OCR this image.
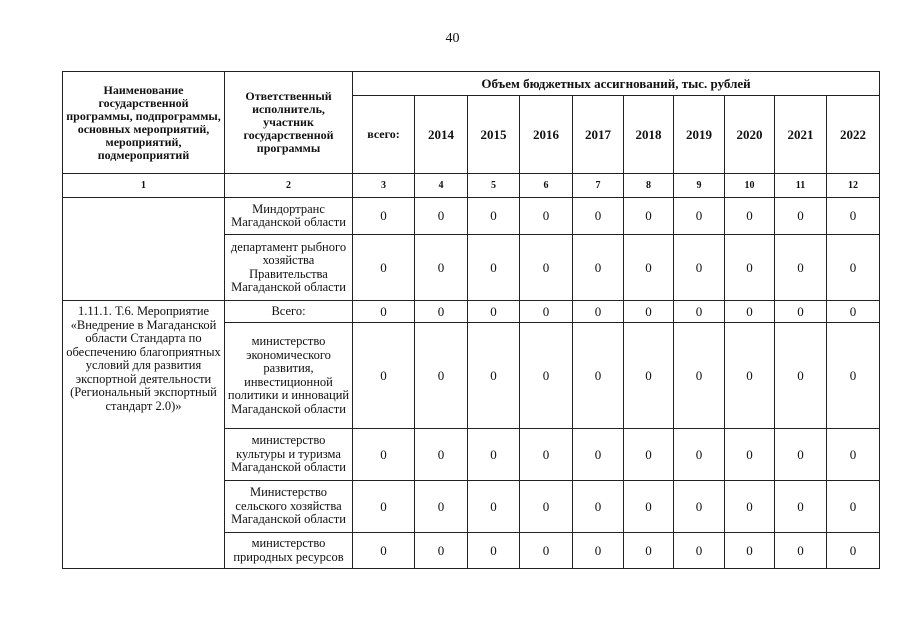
40
Наименование государственной программы, подпрограммы, основных мероприятий, мероприятий, подмероприятий	Ответственный исполнитель, участник государственной программы	Объем бюджетных ассигнований, тыс. рублей									
		всего:	2014	2015	2016	2017	2018	2019	2020	2021	2022
1	2	3	4	5	6	7	8	9	10	11	12
	Миндортранс Магаданской области	0	0	0	0	0	0	0	0	0	0
	департамент рыбного хозяйства Правительства Магаданской области	0	0	0	0	0	0	0	0	0	0
1.11.1. Т.6. Мероприятие «Внедрение в Магаданской области Стандарта по обеспечению благоприятных условий для развития экспортной деятельности (Региональный экспортный стандарт 2.0)»	Всего:	0	0	0	0	0	0	0	0	0	0
	министерство экономического развития, инвестиционной политики и инноваций Магаданской области	0	0	0	0	0	0	0	0	0	0
	министерство культуры и туризма Магаданской области	0	0	0	0	0	0	0	0	0	0
	Министерство сельского хозяйства Магаданской области	0	0	0	0	0	0	0	0	0	0
	министерство природных ресурсов	0	0	0	0	0	0	0	0	0	0
